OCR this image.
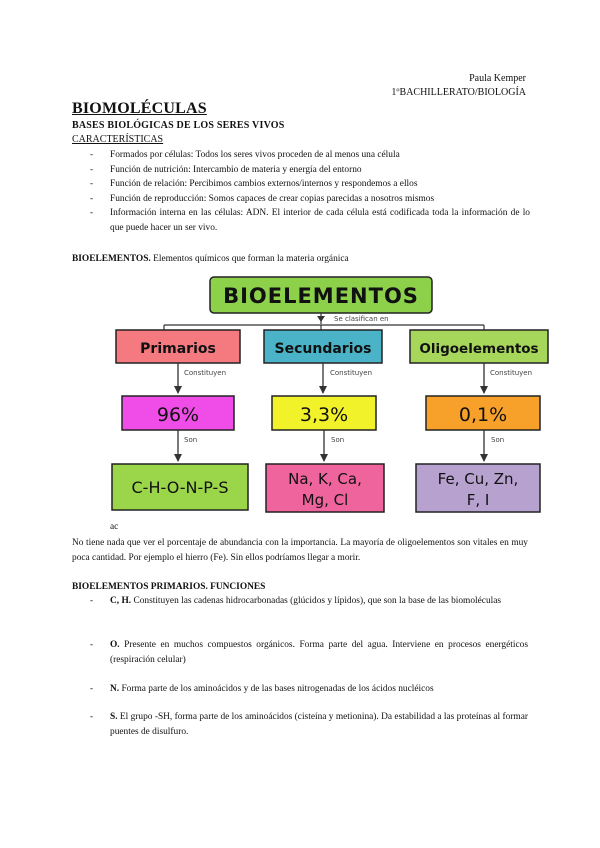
Paula Kemper
1ºBACHILLERATO/BIOLOGÍA
BIOMOLÉCULAS
BASES BIOLÓGICAS DE LOS SERES VIVOS
CARACTERÍSTICAS
- Formados por células: Todos los seres vivos proceden de al menos una célula
- Función de nutrición: Intercambio de materia y energía del entorno
- Función de relación: Percibimos cambios externos/internos y respondemos a ellos
- Función de reproducción: Somos capaces de crear copias parecidas a nosotros mismos
- Información interna en las células: ADN. El interior de cada célula está codificada toda la información de lo que puede hacer un ser vivo.
BIOELEMENTOS. Elementos químicos que forman la materia orgánica
BIOELEMENTOS
Se clasifican en
Primarios
Constituyen
96%
Son
C-H-O-N-P-S
Secundarios
Constituyen
3,3%
Son
Na, K, Ca,
Mg, Cl
Oligoelementos
Constituyen
0,1%
Son
Fe, Cu, Zn,
F, I
ac
No tiene nada que ver el porcentaje de abundancia con la importancia. La mayoría de oligoelementos son vitales en muy poca cantidad. Por ejemplo el hierro (Fe). Sin ellos podríamos llegar a morir.
BIOELEMENTOS PRIMARIOS. FUNCIONES
- C, H. Constituyen las cadenas hidrocarbonadas (glúcidos y lípidos), que son la base de las biomoléculas
- O. Presente en muchos compuestos orgánicos. Forma parte del agua. Interviene en procesos energéticos (respiración celular)
- N. Forma parte de los aminoácidos y de las bases nitrogenadas de los ácidos nucléicos
- S. El grupo -SH, forma parte de los aminoácidos (cisteína y metionina). Da estabilidad a las proteínas al formar puentes de disulfuro.
